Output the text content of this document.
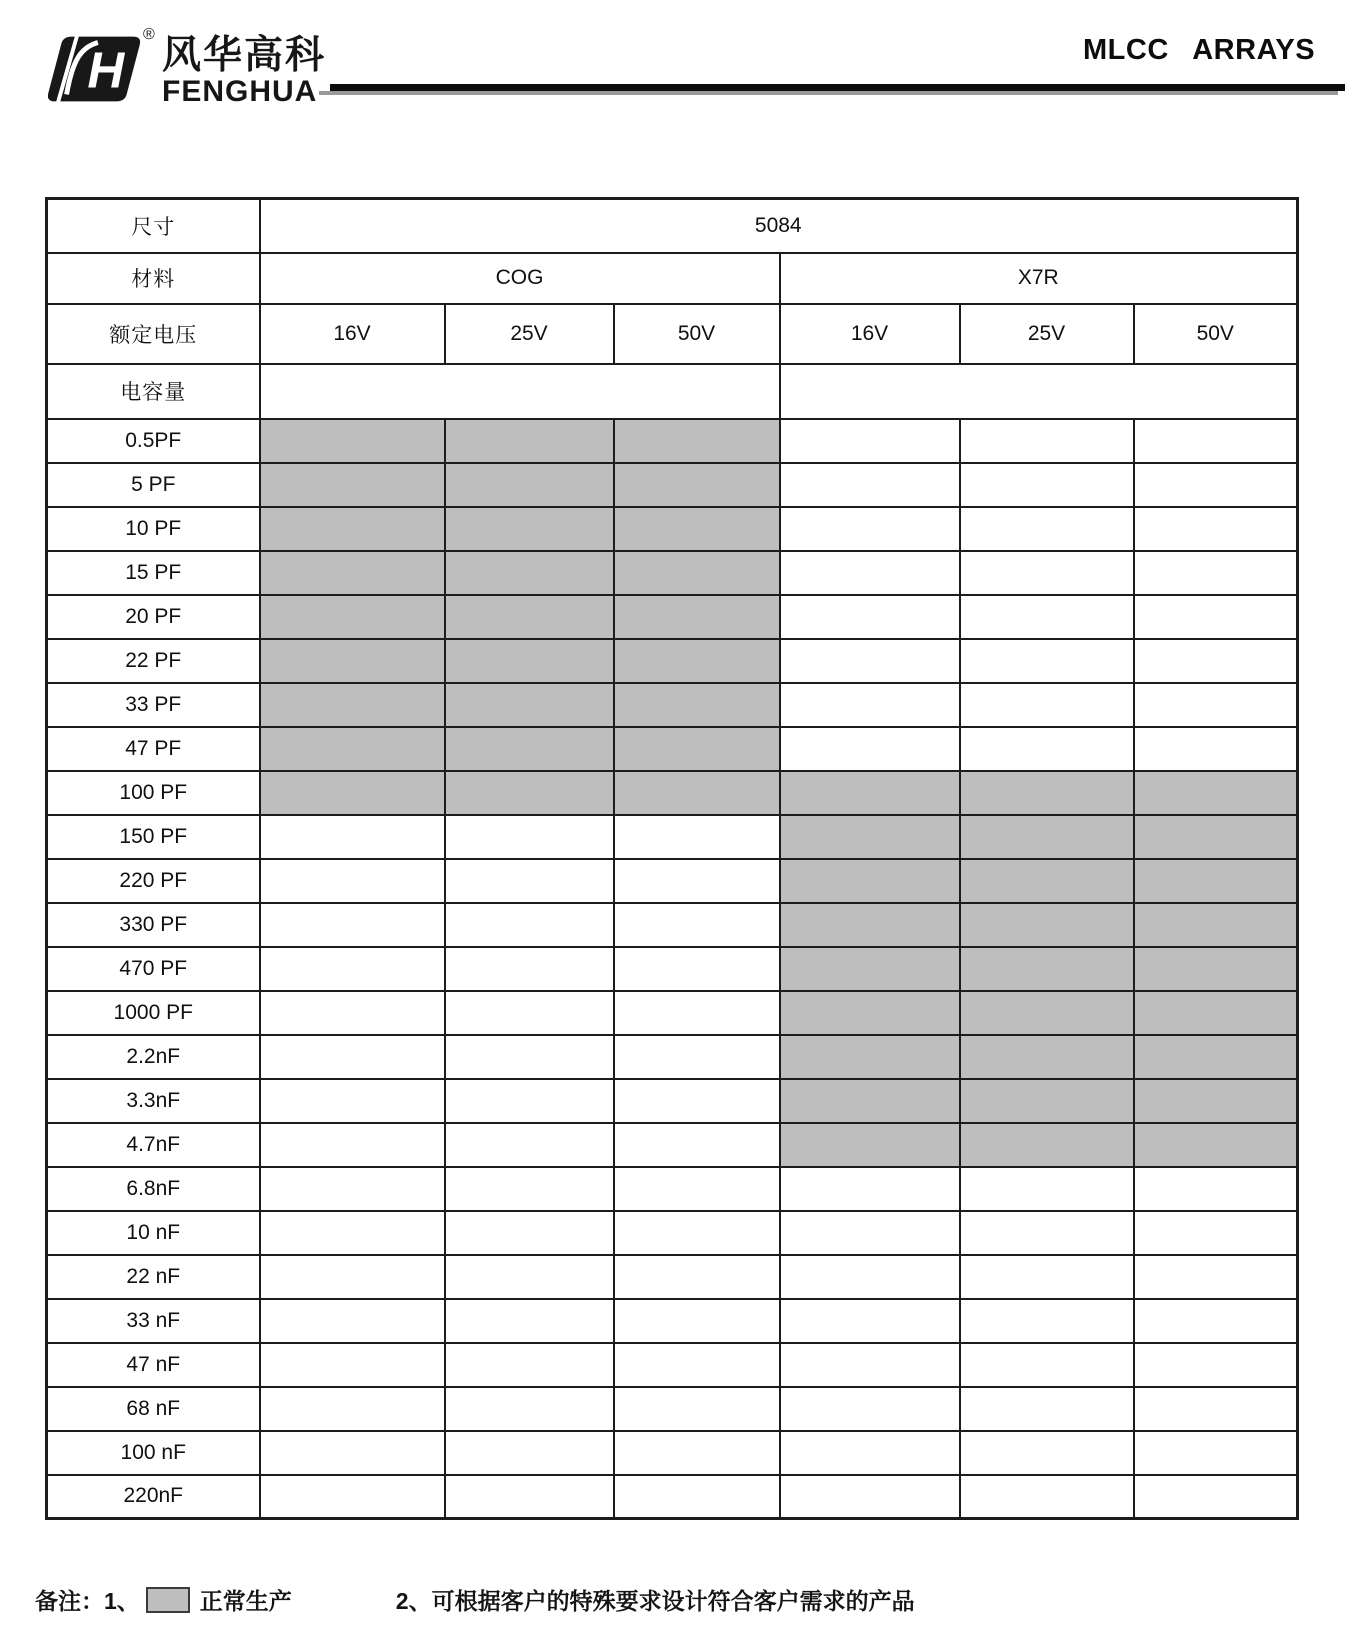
H
® 风华高科
FENGHUA
MLCC ARRAYS
尺寸	5084					
材料	COG			X7R		
额定电压	16V	25V	50V	16V	25V	50V
电容量						
0.5PF						
5 PF						
10 PF						
15 PF						
20 PF						
22 PF						
33 PF						
47 PF						
100 PF						
150 PF						
220 PF						
330 PF						
470 PF						
1000 PF						
2.2nF						
3.3nF						
4.7nF						
6.8nF						
10 nF						
22 nF						
33 nF						
47 nF						
68 nF						
100 nF						
220nF						
备注：1、	正常生产	2、可根据客户的特殊要求设计符合客户需求的产品
